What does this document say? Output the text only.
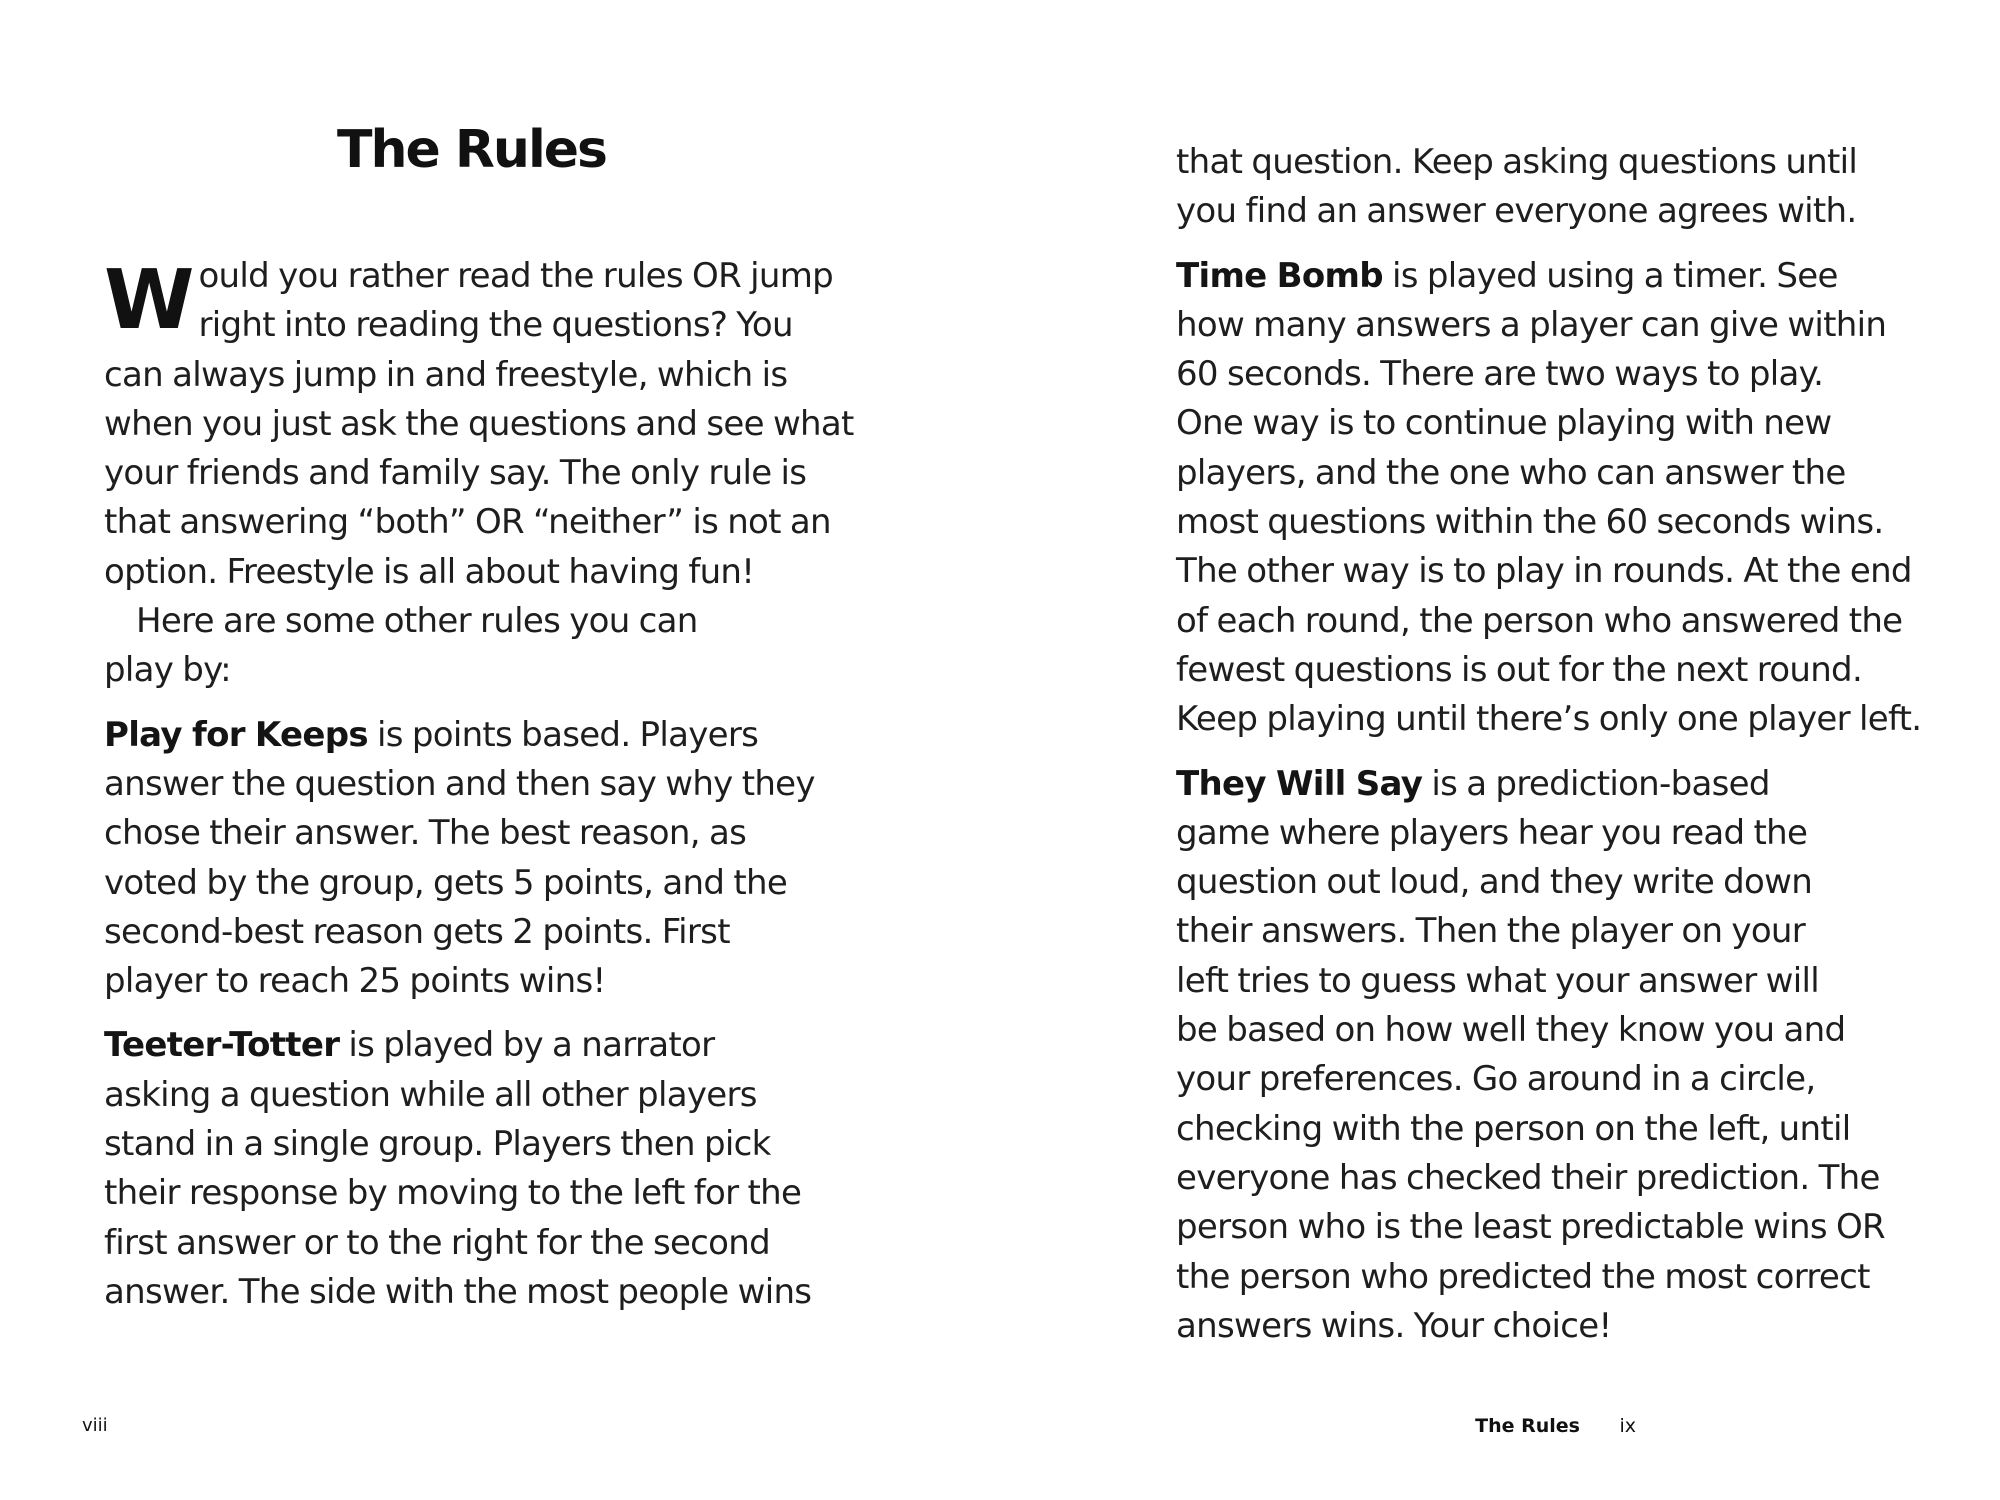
The Rules
W ould you rather read the rules OR jump
right into reading the questions? You
can always jump in and freestyle, which is
when you just ask the questions and see what
your friends and family say. The only rule is
that answering “both” OR “neither” is not an
option. Freestyle is all about having fun!
Here are some other rules you can
play by:
Play for Keeps is points based. Players
answer the question and then say why they
chose their answer. The best reason, as
voted by the group, gets 5 points, and the
second-best reason gets 2 points. First
player to reach 25 points wins!
Teeter-Totter is played by a narrator
asking a question while all other players
stand in a single group. Players then pick
their response by moving to the left for the
first answer or to the right for the second
answer. The side with the most people wins
viii
that question. Keep asking questions until
you find an answer everyone agrees with.
Time Bomb is played using a timer. See
how many answers a player can give within
60 seconds. There are two ways to play.
One way is to continue playing with new
players, and the one who can answer the
most questions within the 60 seconds wins.
The other way is to play in rounds. At the end
of each round, the person who answered the
fewest questions is out for the next round.
Keep playing until there’s only one player left.
They Will Say is a prediction-based
game where players hear you read the
question out loud, and they write down
their answers. Then the player on your
left tries to guess what your answer will
be based on how well they know you and
your preferences. Go around in a circle,
checking with the person on the left, until
everyone has checked their prediction. The
person who is the least predictable wins OR
the person who predicted the most correct
answers wins. Your choice!
The Rules ix
